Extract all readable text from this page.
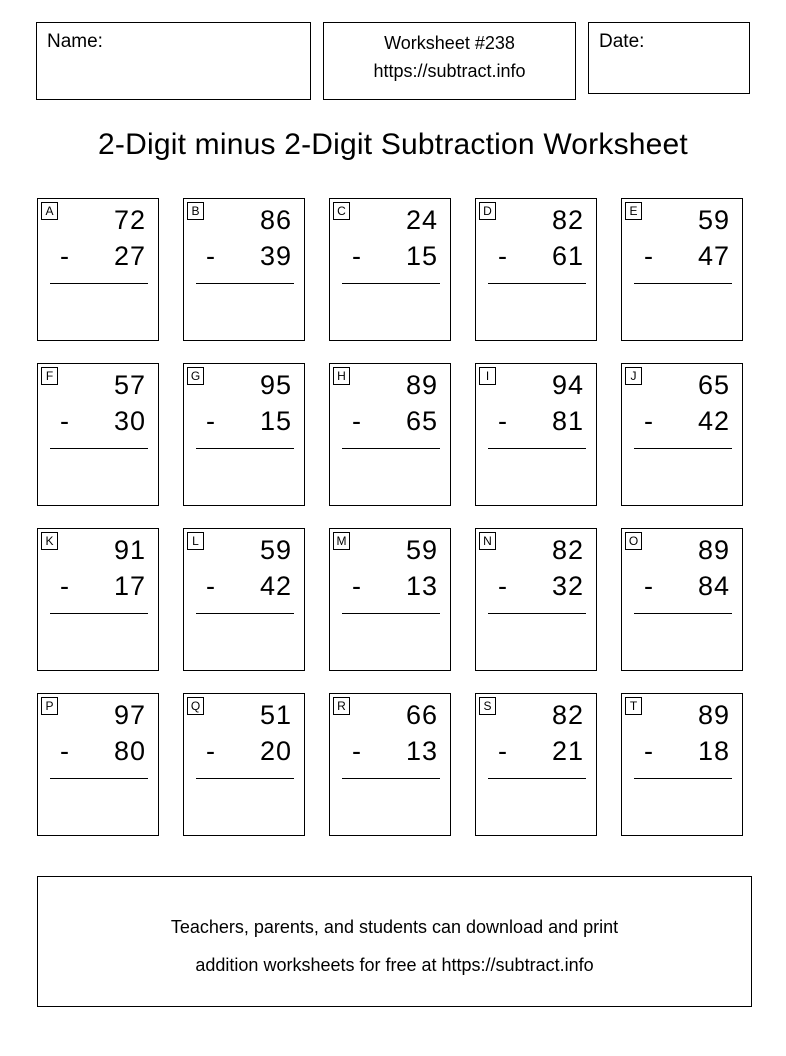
Name:	Worksheet #238
https://subtract.info
Date:
2-Digit minus 2-Digit Subtraction Worksheet
A 72
- 27
B 86
- 39
C 24
- 15
D 82
- 61
E 59
- 47
F 57
- 30
G 95
- 15
H 89
- 65
I 94
- 81
J 65
- 42
K 91
- 17
L 59
- 42
M 59
- 13
N 82
- 32
O 89
- 84
P 97
- 80
Q 51
- 20
R 66
- 13
S 82
- 21
T 89
- 18
Teachers, parents, and students can download and print
addition worksheets for free at https://subtract.info
